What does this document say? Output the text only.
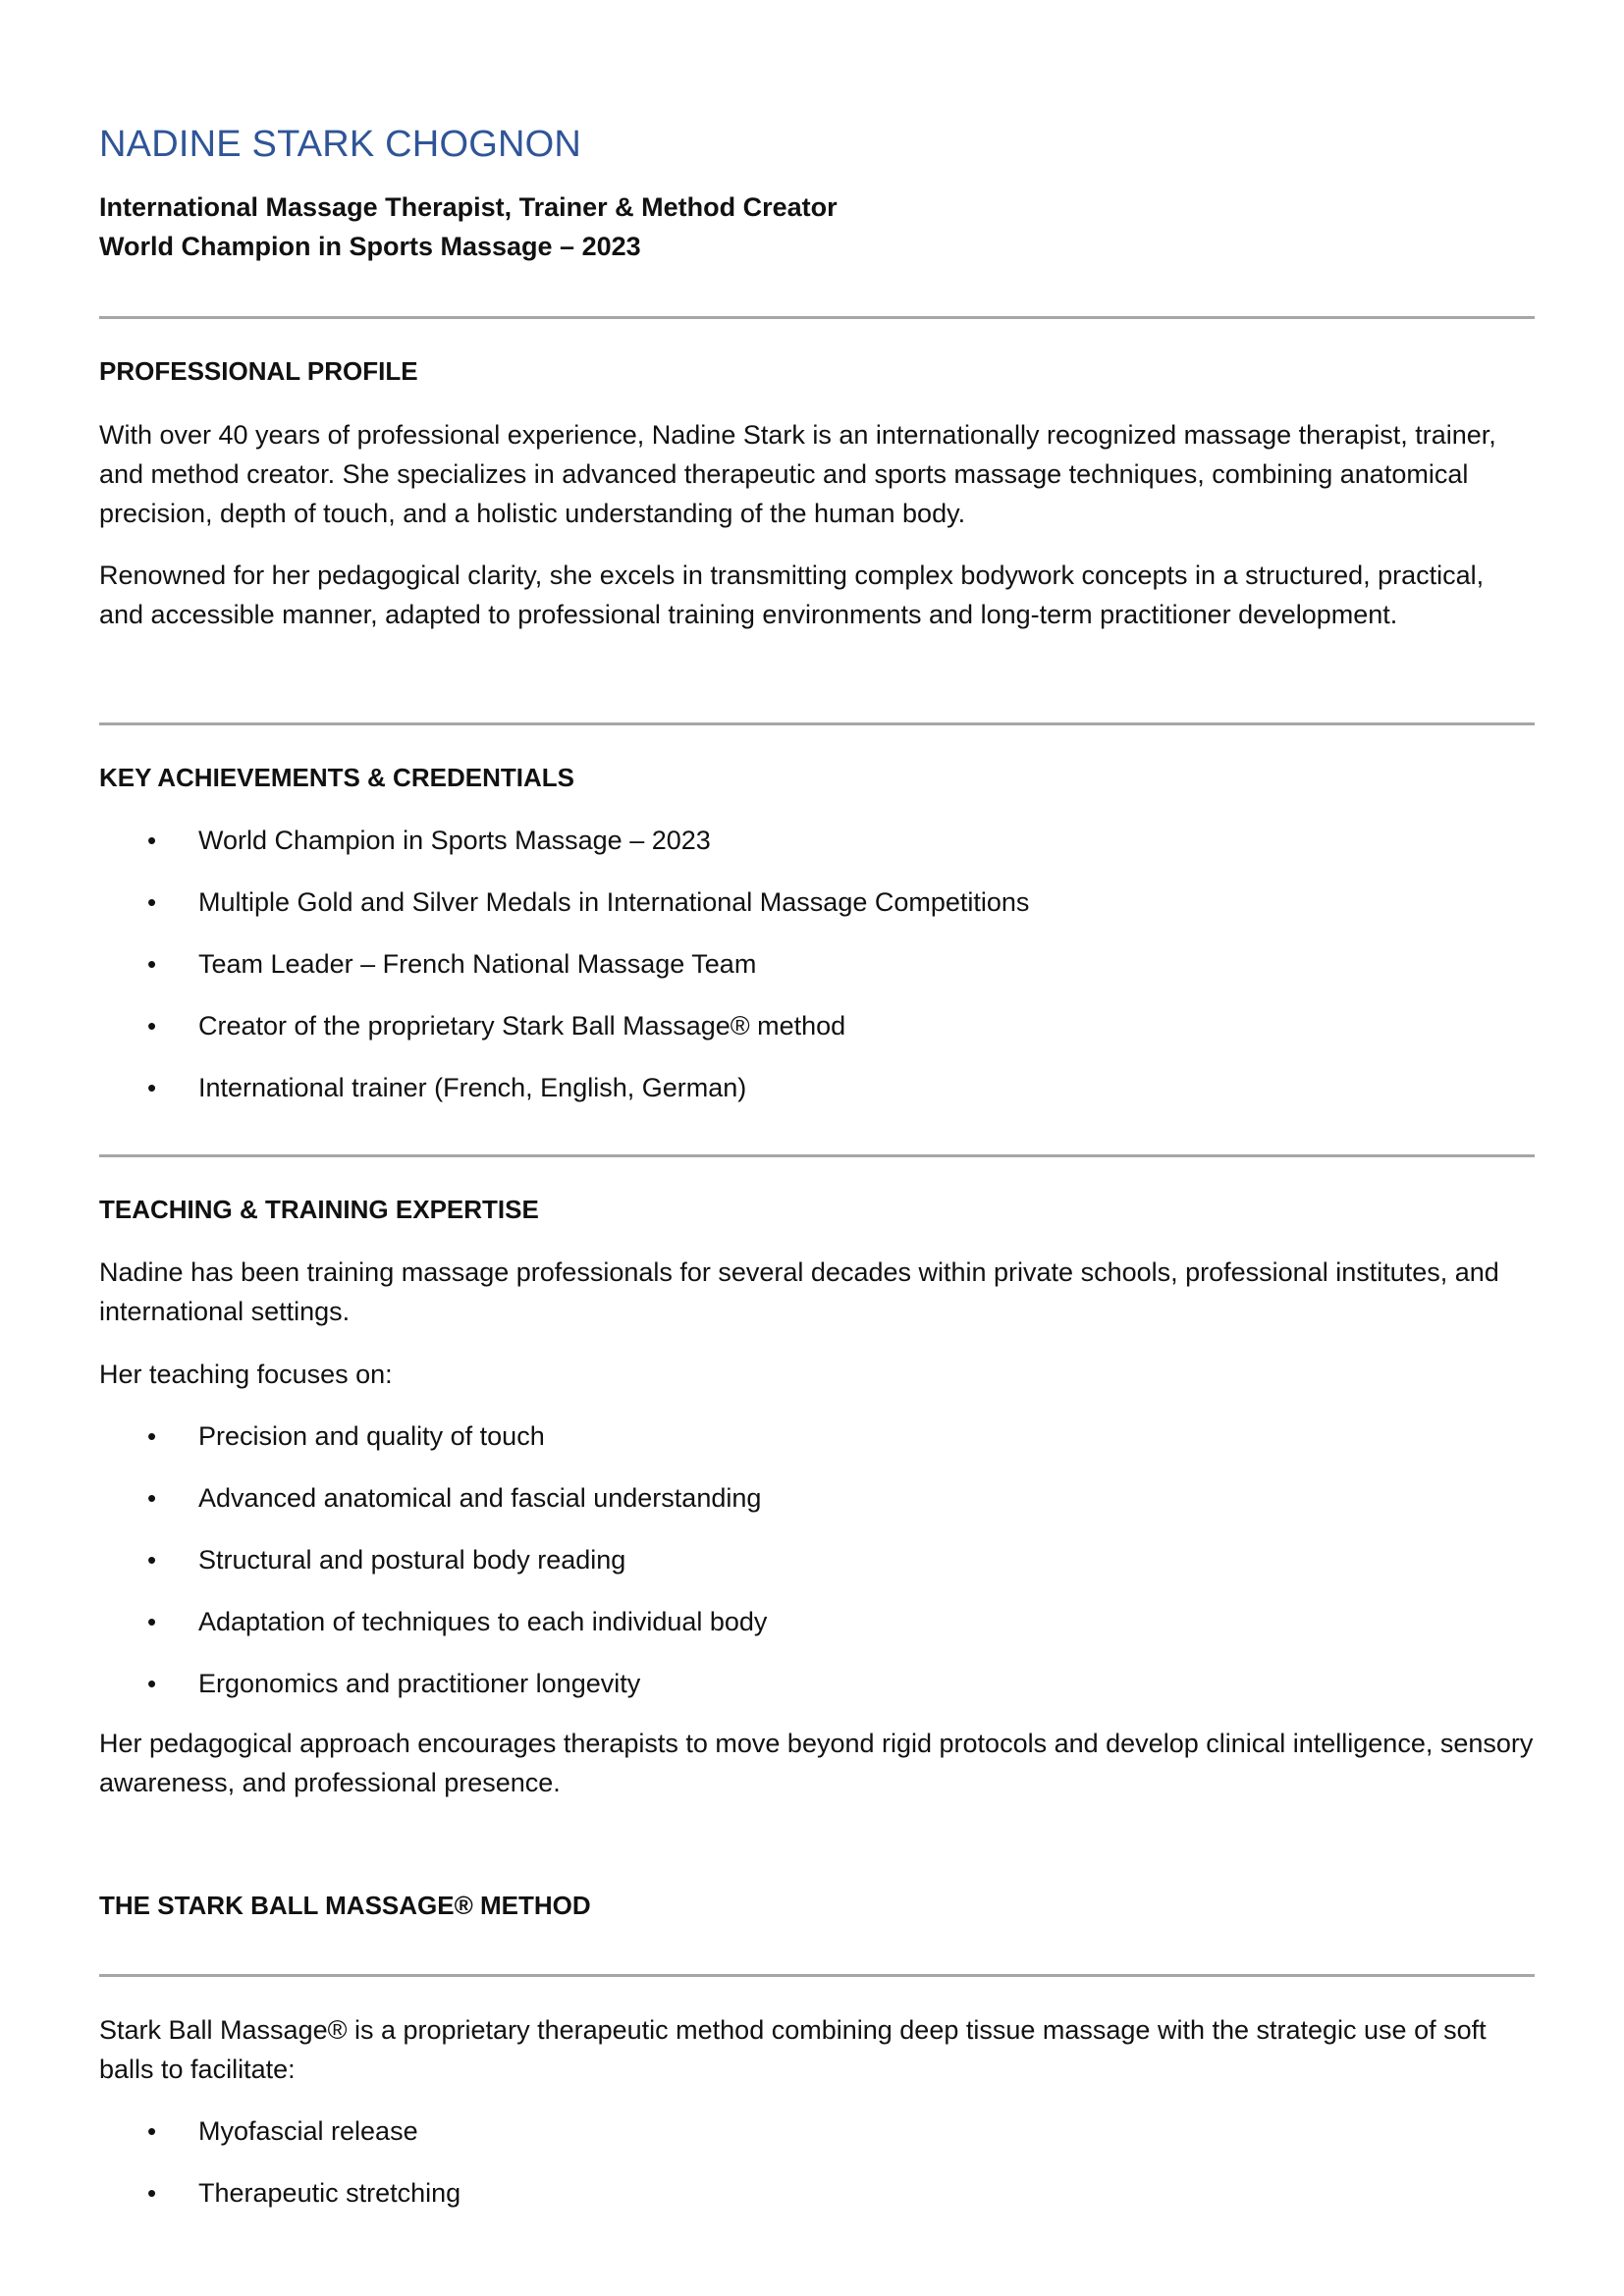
NADINE STARK CHOGNON

International Massage Therapist, Trainer & Method Creator

World Champion in Sports Massage – 2023

PROFESSIONAL PROFILE

With over 40 years of professional experience, Nadine Stark is an internationally recognized massage therapist, trainer, and method creator. She specializes in advanced therapeutic and sports massage techniques, combining anatomical precision, depth of touch, and a holistic understanding of the human body.

Renowned for her pedagogical clarity, she excels in transmitting complex bodywork concepts in a structured, practical, and accessible manner, adapted to professional training environments and long-term practitioner development.

KEY ACHIEVEMENTS & CREDENTIALS
• World Champion in Sports Massage – 2023
• Multiple Gold and Silver Medals in International Massage Competitions
• Team Leader – French National Massage Team
• Creator of the proprietary Stark Ball Massage® method
• International trainer (French, English, German)
TEACHING & TRAINING EXPERTISE

Nadine has been training massage professionals for several decades within private schools, professional institutes, and international settings.

Her teaching focuses on:

• Precision and quality of touch
• Advanced anatomical and fascial understanding
• Structural and postural body reading
• Adaptation of techniques to each individual body
• Ergonomics and practitioner longevity

Her pedagogical approach encourages therapists to move beyond rigid protocols and develop clinical intelligence, sensory awareness, and professional presence.

THE STARK BALL MASSAGE® METHOD

Stark Ball Massage® is a proprietary therapeutic method combining deep tissue massage with the strategic use of soft balls to facilitate:

• Myofascial release
• Therapeutic stretching
